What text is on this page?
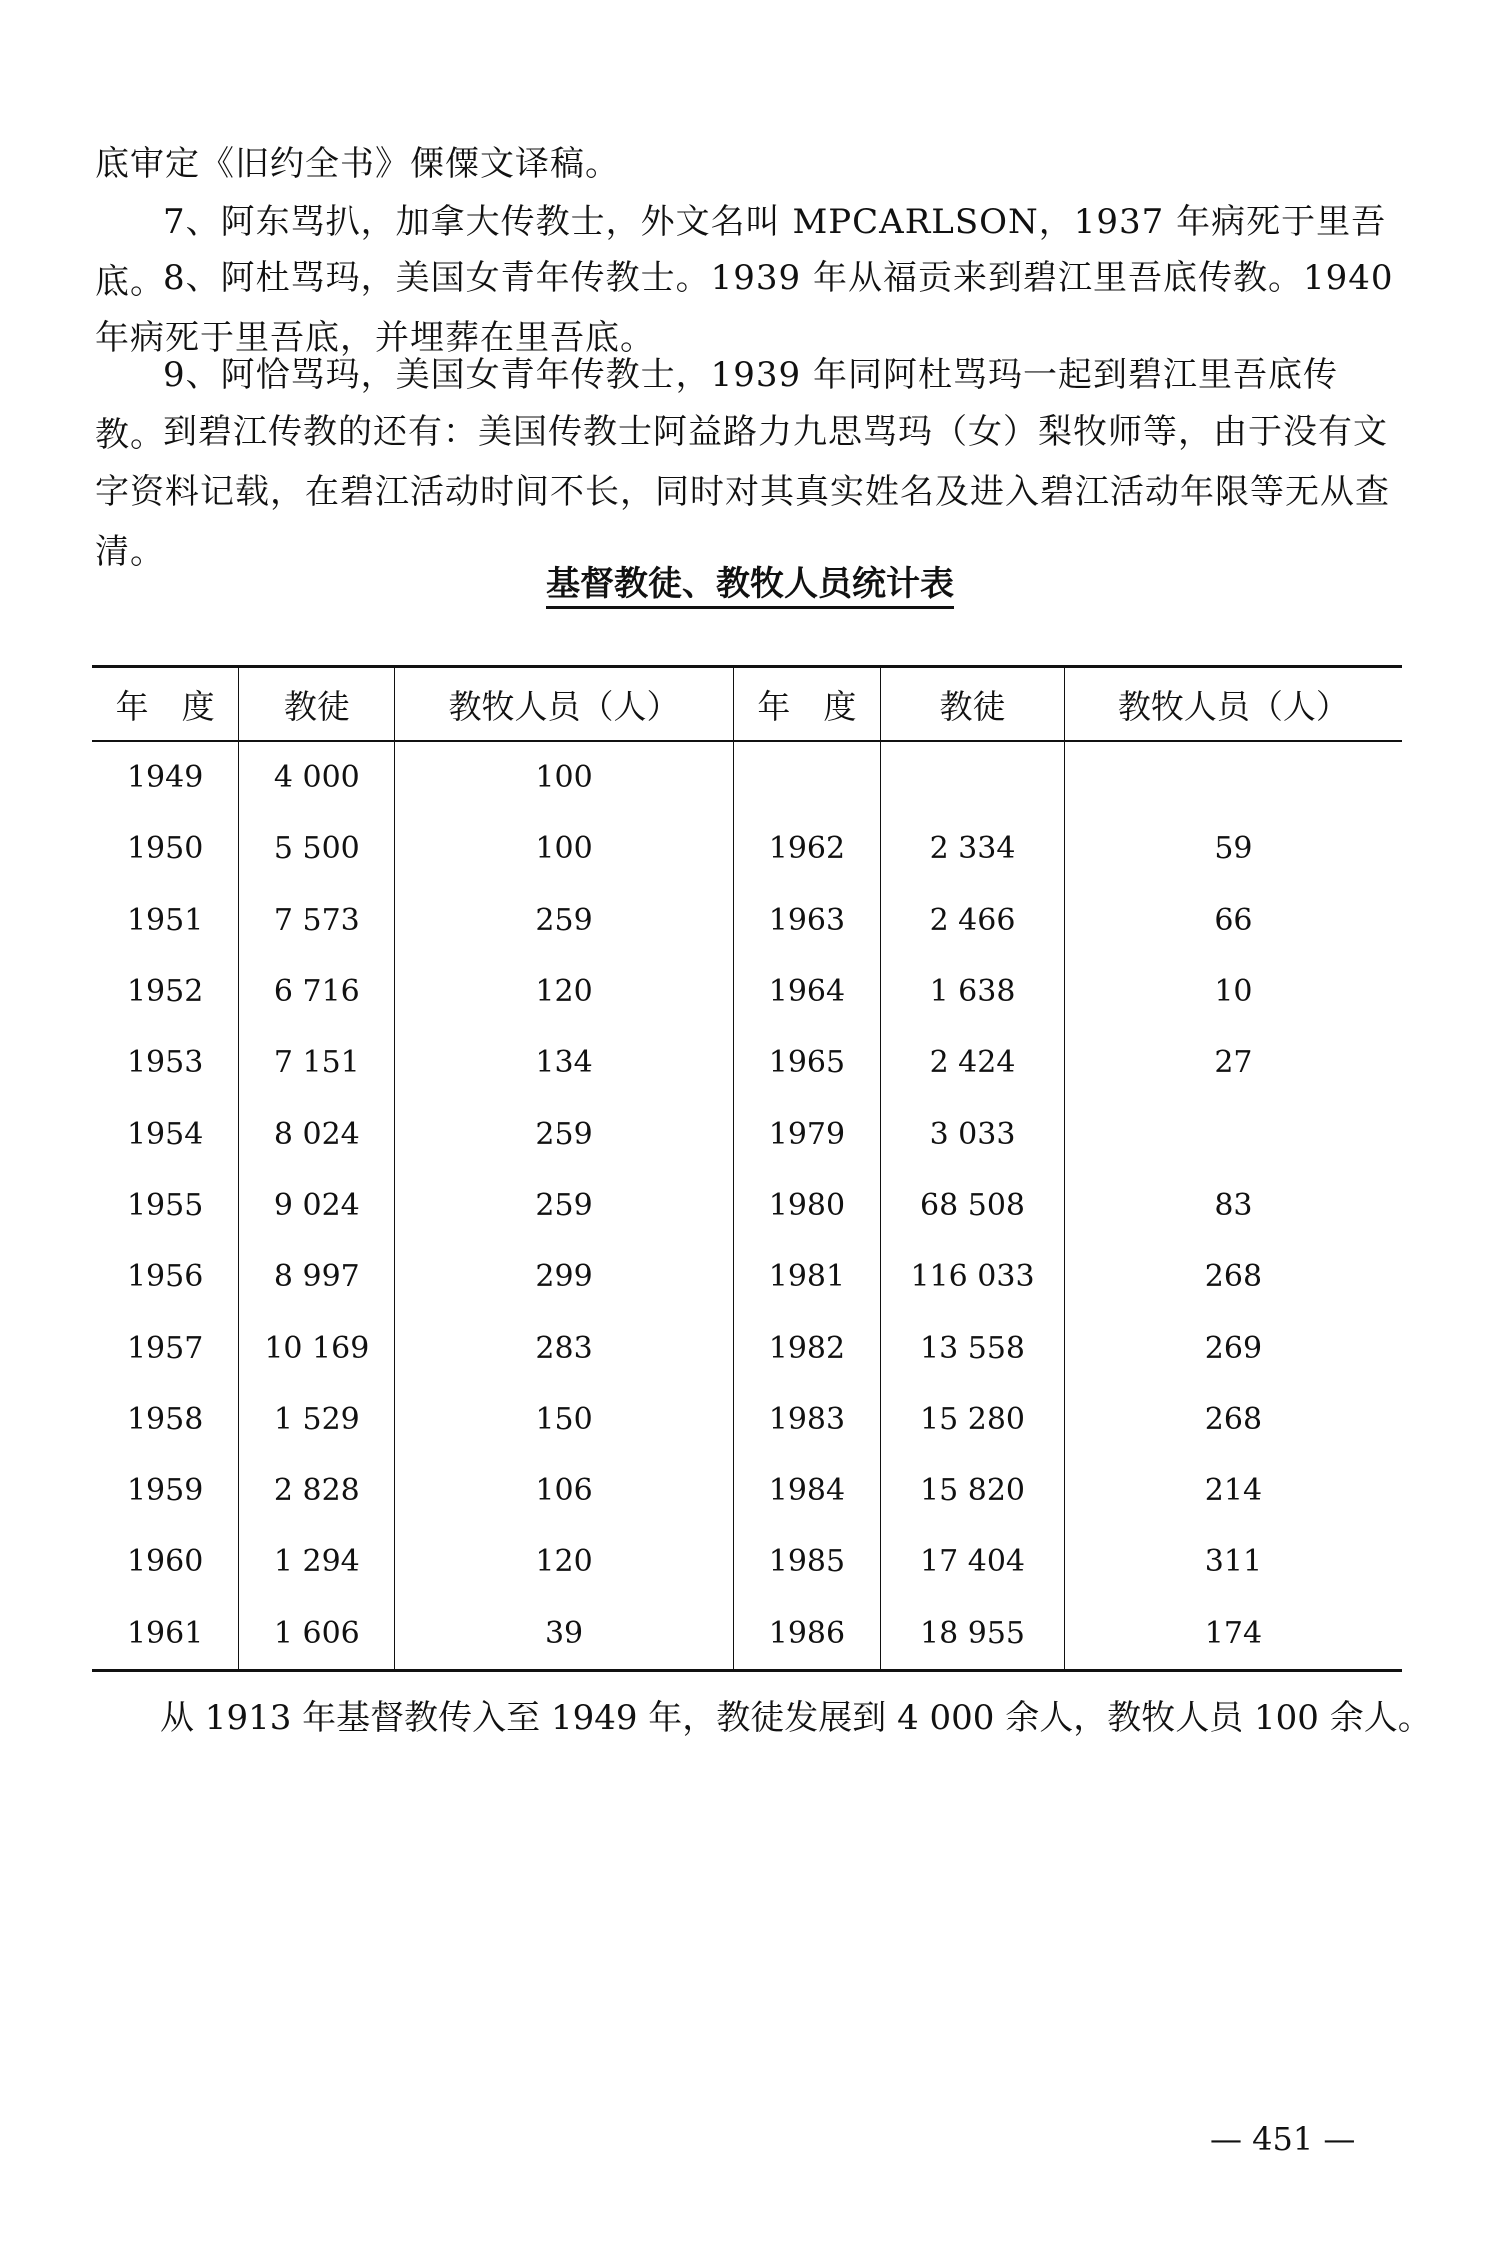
底审定《旧约全书》傈僳文译稿。

7、阿东骂扒，加拿大传教士，外文名叫 MPCARLSON，1937 年病死于里吾底。

8、阿杜骂玛，美国女青年传教士。1939 年从福贡来到碧江里吾底传教。1940 年病死于里吾底，并埋葬在里吾底。

9、阿恰骂玛，美国女青年传教士，1939 年同阿杜骂玛一起到碧江里吾底传教。

到碧江传教的还有：美国传教士阿益路力九思骂玛（女）梨牧师等，由于没有文字资料记载，在碧江活动时间不长，同时对其真实姓名及进入碧江活动年限等无从查清。

基督教徒、教牧人员统计表
年　度	教徒	教牧人员（人）	年　度	教徒	教牧人员（人）
1949	4 000	100			
1950	5 500	100	1962	2 334	59
1951	7 573	259	1963	2 466	66
1952	6 716	120	1964	1 638	10
1953	7 151	134	1965	2 424	27
1954	8 024	259	1979	3 033	
1955	9 024	259	1980	68 508	83
1956	8 997	299	1981	116 033	268
1957	10 169	283	1982	13 558	269
1958	1 529	150	1983	15 280	268
1959	2 828	106	1984	15 820	214
1960	1 294	120	1985	17 404	311
1961	1 606	39	1986	18 955	174

从 1913 年基督教传入至 1949 年，教徒发展到 4 000 余人，教牧人员 100 余人。

— 451 —
